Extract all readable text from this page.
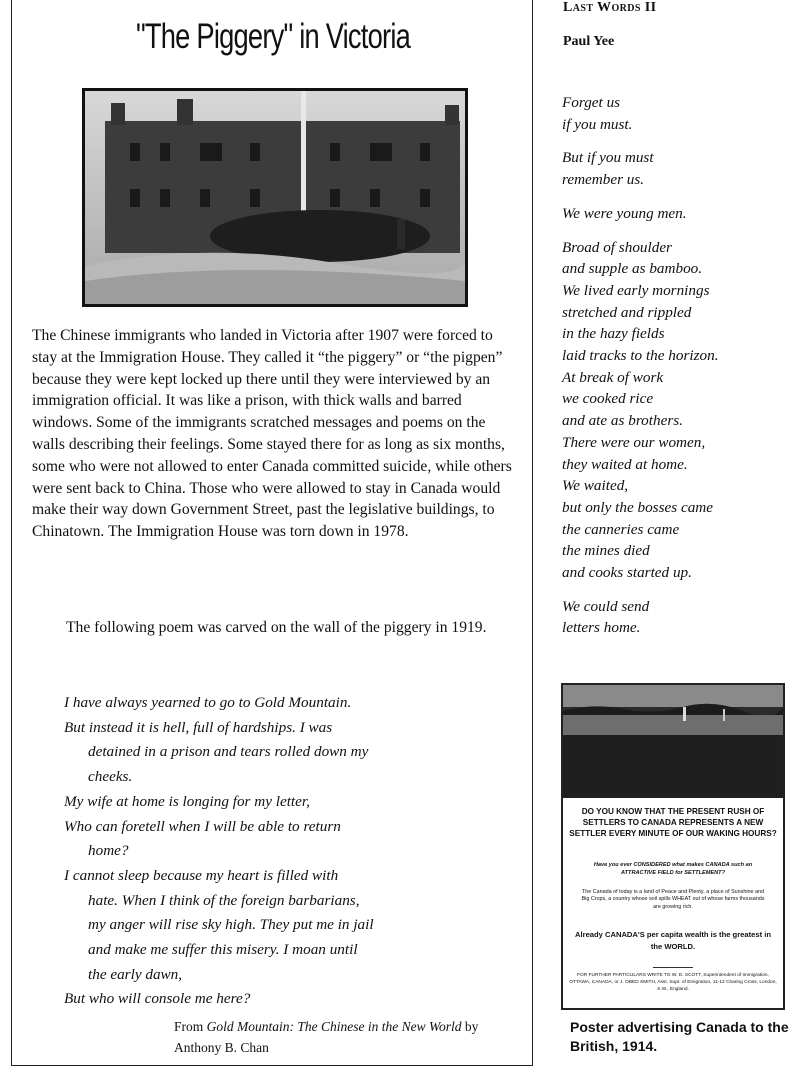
"The Piggery" in Victoria

The Chinese immigrants who landed in Victoria after 1907 were forced to stay at the Immigration House. They called it “the piggery” or “the pigpen” because they were kept locked up there until they were interviewed by an immigration official. It was like a prison, with thick walls and barred windows. Some of the immigrants scratched messages and poems on the walls describing their feelings. Some stayed there for as long as six months, some who were not allowed to enter Canada committed suicide, while others were sent back to China. Those who were allowed to stay in Canada would make their way down Government Street, past the legislative buildings, to Chinatown. The Immigration House was torn down in 1978.

The following poem was carved on the wall of the piggery in 1919.

I have always yearned to go to Gold Mountain.
But instead it is hell, full of hardships. I was
detained in a prison and tears rolled down my
cheeks.
My wife at home is longing for my letter,
Who can foretell when I will be able to return
home?
I cannot sleep because my heart is filled with
hate. When I think of the foreign barbarians,
my anger will rise sky high. They put me in jail
and make me suffer this misery. I moan until
the early dawn,
But who will console me here?
From Gold Mountain: The Chinese in the New World by Anthony B. Chan
Last Words II
Paul Yee
Forget us
if you must.
But if you must
remember us.
We were young men.
Broad of shoulder
and supple as bamboo.
We lived early mornings
stretched and rippled
in the hazy fields
laid tracks to the horizon.
At break of work
we cooked rice
and ate as brothers.
There were our women,
they waited at home.
We waited,
but only the bosses came
the canneries came
the mines died
and cooks started up.
We could send
letters home.
DO YOU KNOW THAT THE PRESENT RUSH OF SETTLERS TO CANADA REPRESENTS A NEW SETTLER EVERY MINUTE OF OUR WAKING HOURS?
Have you ever CONSIDERED what makes CANADA such an ATTRACTIVE FIELD for SETTLEMENT?
The Canada of today is a land of Peace and Plenty, a place of Sunshine and Big Crops, a country whose soil spills WHEAT out of whose farms thousands are growing rich.
Already CANADA'S per capita wealth is the greatest in the WORLD.
FOR FURTHER PARTICULARS WRITE TO W. D. SCOTT, Superintendent of Immigration, OTTAWA, CANADA, or J. OBED SMITH, Asst. Supt. of Emigration, 11-12 Charing Cross, London, S.W., England.
Poster advertising Canada to the British, 1914.
